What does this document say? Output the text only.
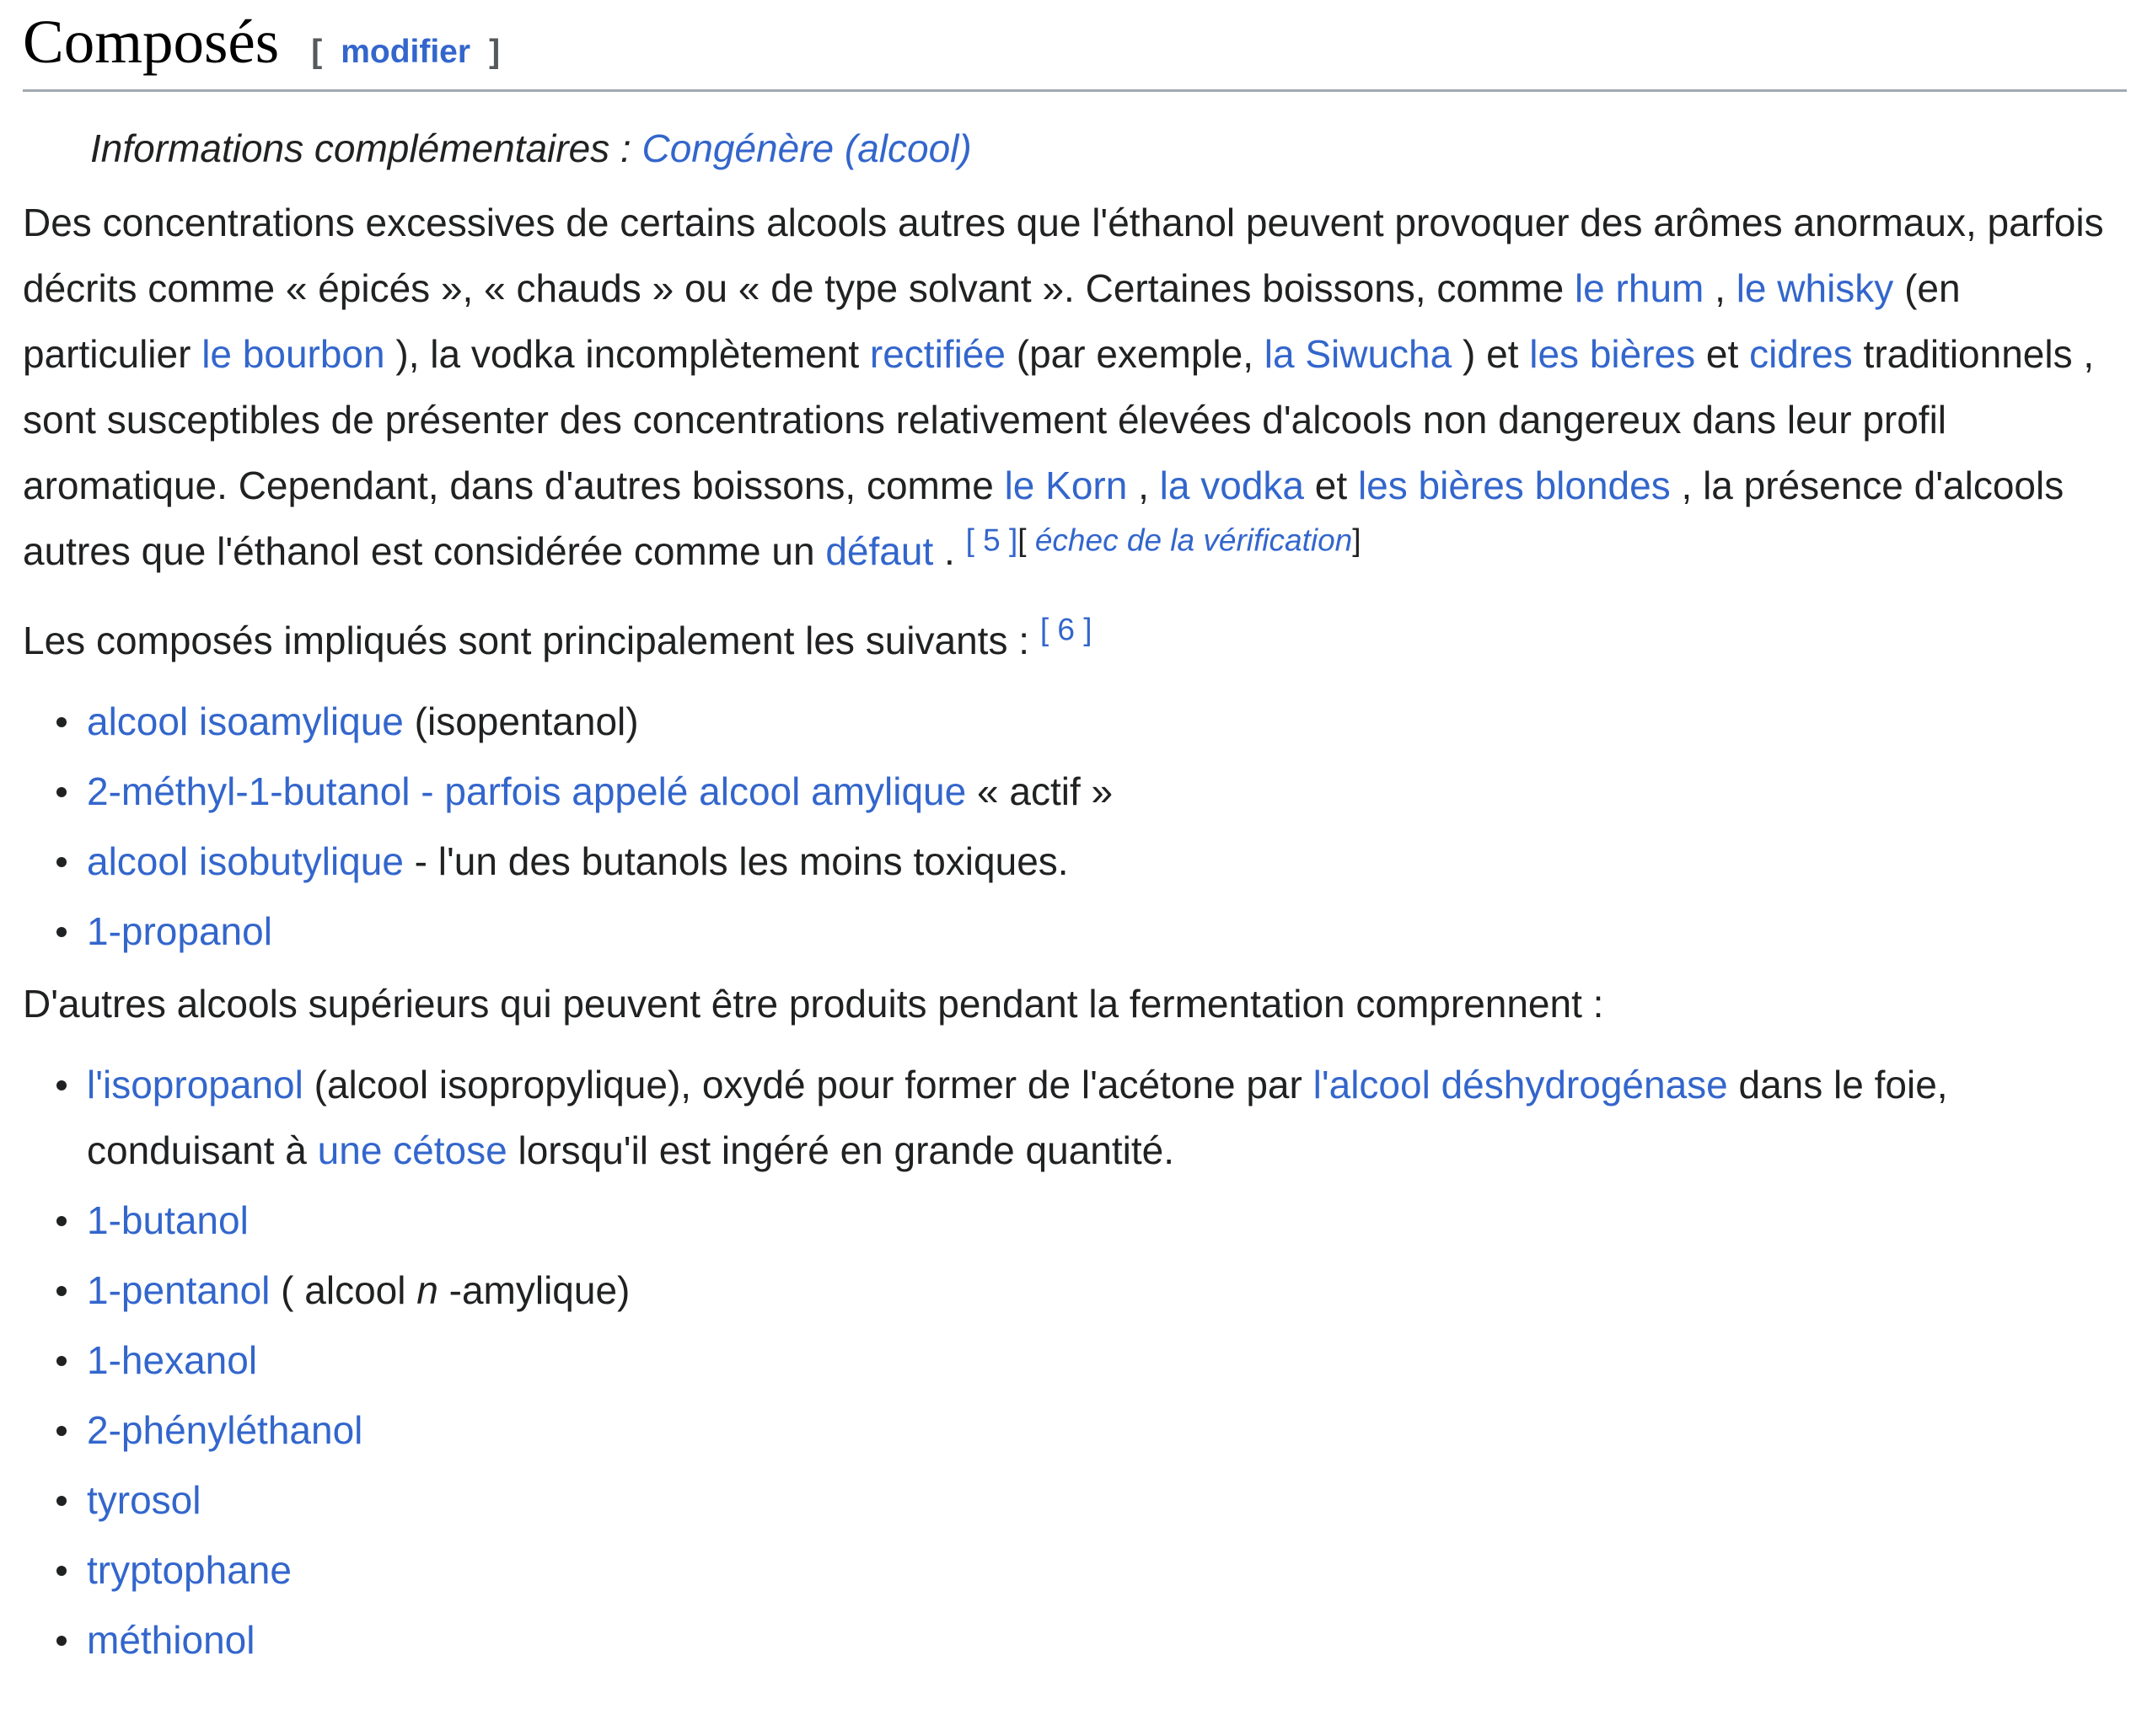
Composés [ modifier ]
Informations complémentaires : Congénère (alcool)

Des concentrations excessives de certains alcools autres que l'éthanol peuvent provoquer des arômes anormaux, parfois décrits comme « épicés », « chauds » ou « de type solvant ». Certaines boissons, comme le rhum , le whisky (en particulier le bourbon ), la vodka incomplètement rectifiée (par exemple, la Siwucha ) et les bières et cidres traditionnels , sont susceptibles de présenter des concentrations relativement élevées d'alcools non dangereux dans leur profil aromatique. Cependant, dans d'autres boissons, comme le Korn , la vodka et les bières blondes , la présence d'alcools autres que l'éthanol est considérée comme un défaut . [ 5 ][ échec de la vérification]

Les composés impliqués sont principalement les suivants : [ 6 ]

alcool isoamylique (isopentanol)
2-méthyl-1-butanol - parfois appelé alcool amylique « actif »
alcool isobutylique - l'un des butanols les moins toxiques.
1-propanol

D'autres alcools supérieurs qui peuvent être produits pendant la fermentation comprennent :

l'isopropanol (alcool isopropylique), oxydé pour former de l'acétone par l'alcool déshydrogénase dans le foie, conduisant à une cétose lorsqu'il est ingéré en grande quantité.
1-butanol
1-pentanol ( alcool n -amylique)
1-hexanol
2-phényléthanol
tyrosol
tryptophane
méthionol
